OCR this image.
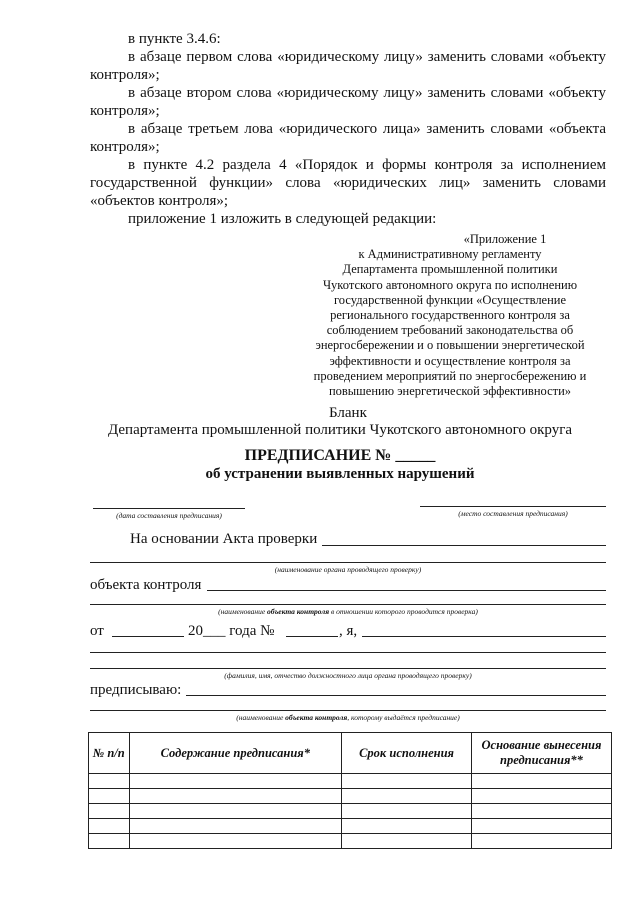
в пункте 3.4.6:
в абзаце первом слова «юридическому лицу» заменить словами «объекту
контроля»;
в абзаце втором слова «юридическому лицу» заменить словами «объекту
контроля»;
в абзаце третьем лова «юридического лица» заменить словами «объекта
контроля»;
в пункте 4.2 раздела 4 «Порядок и формы контроля за исполнением
государственной функции» слова «юридических лиц» заменить словами
«объектов контроля»;
приложение 1 изложить в следующей редакции:
«Приложение 1
к Административному регламенту
Департамента промышленной политики
Чукотского автономного округа по исполнению
государственной функции «Осуществление
регионального государственного контроля за
соблюдением требований законодательства об
энергосбережении и о повышении энергетической
эффективности и осуществление контроля за
проведением мероприятий по энергосбережению и
повышению энергетической эффективности»
Бланк
Департамента промышленной политики Чукотского автономного округа
ПРЕДПИСАНИЕ № _____
об устранении выявленных нарушений
(дата составления предписания)	(место составления предписания)
На основании Акта проверки
(наименование органа проводящего проверку)
объекта контроля
(наименование объекта контроля в отношении которого проводится проверка)
от	20___ года №	, я,
(фамилия, имя, отчество должностного лица органа проводящего проверку)
предписываю:
(наименование объекта контроля, которому выдаётся предписание)
№ п/п	Содержание предписания*	Срок исполнения	Основание вынесения предписания**
